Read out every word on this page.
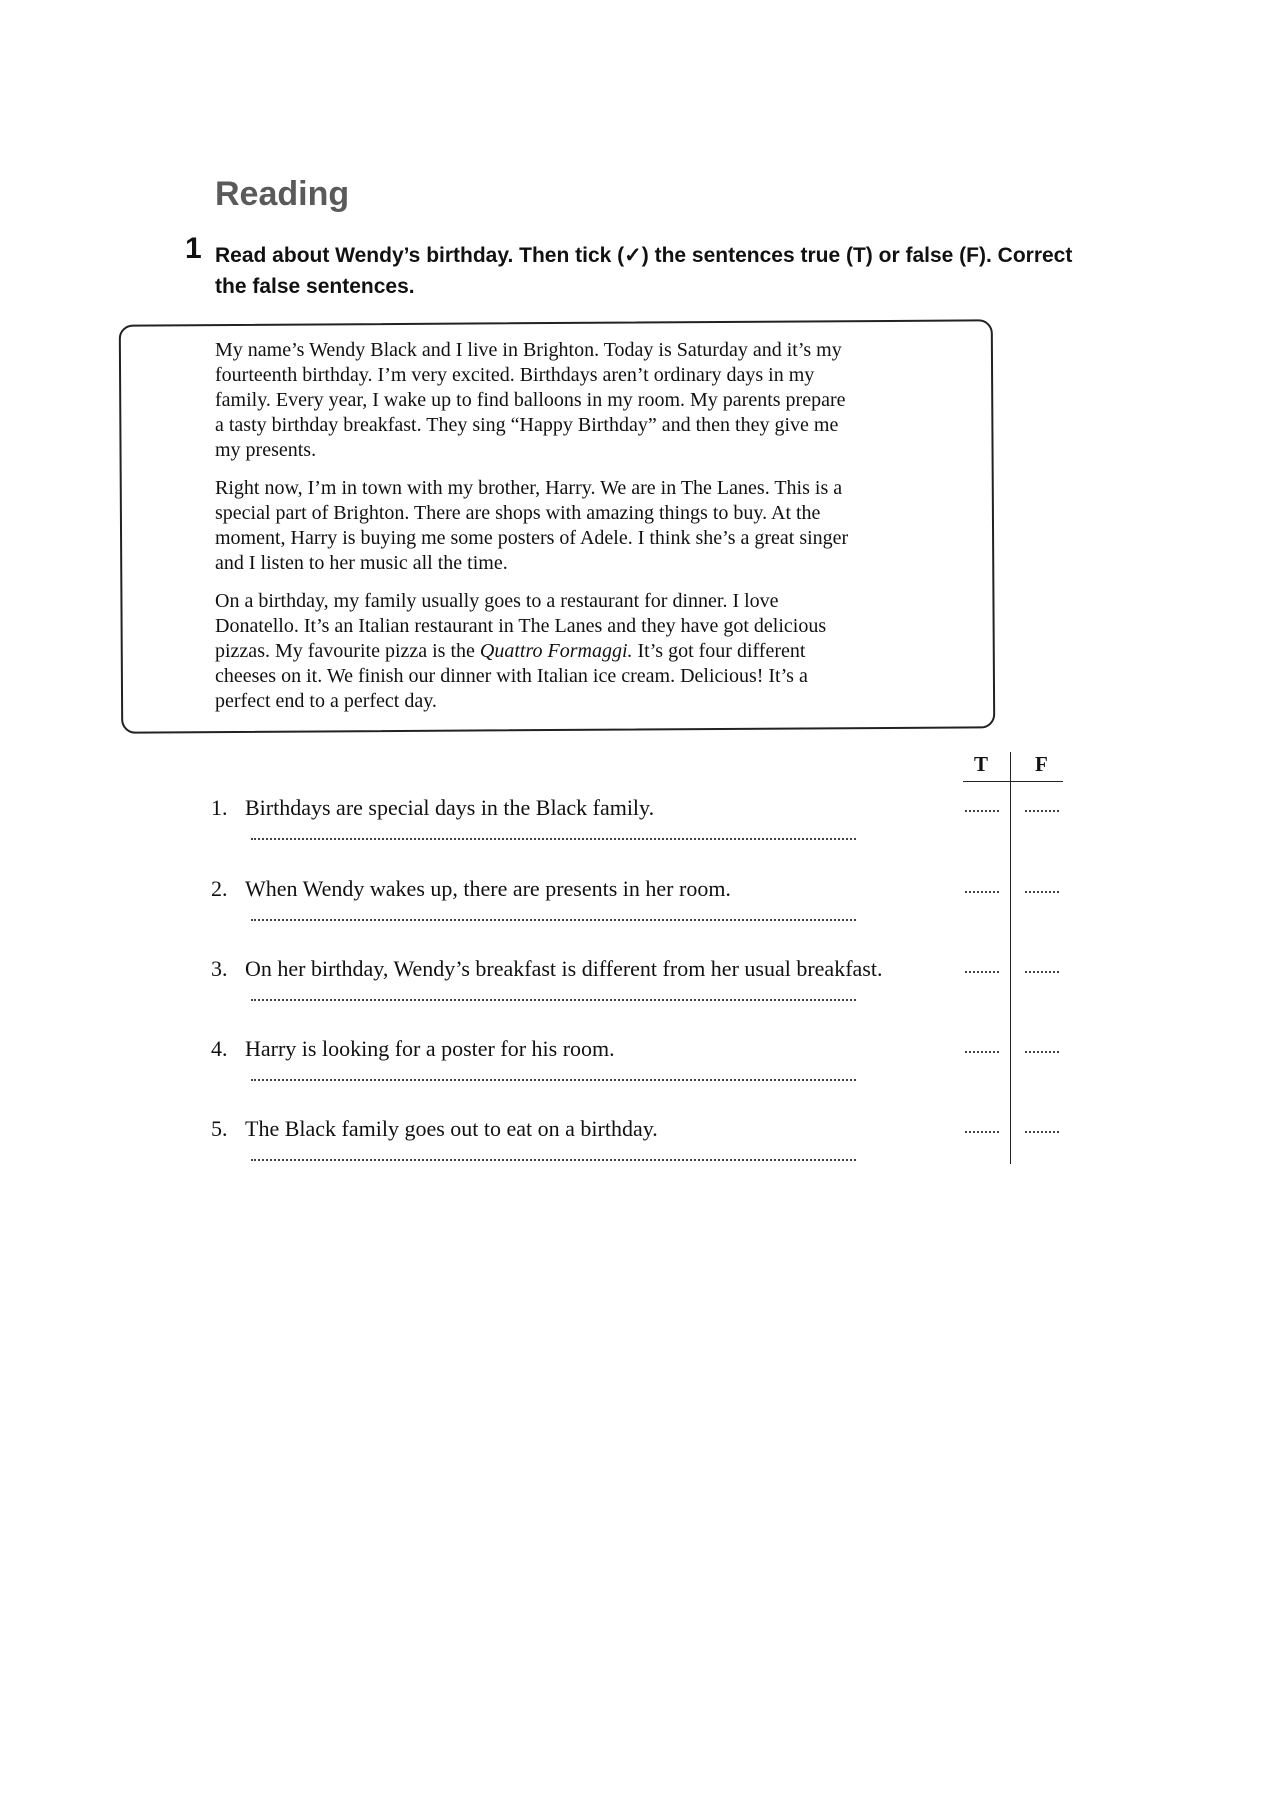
Reading
1 Read about Wendy’s birthday. Then tick (✓) the sentences true (T) or false (F). Correct the false sentences.

My name’s Wendy Black and I live in Brighton. Today is Saturday and it’s my fourteenth birthday. I’m very excited. Birthdays aren’t ordinary days in my family. Every year, I wake up to find balloons in my room. My parents prepare a tasty birthday breakfast. They sing “Happy Birthday” and then they give me my presents.

Right now, I’m in town with my brother, Harry. We are in The Lanes. This is a special part of Brighton. There are shops with amazing things to buy. At the moment, Harry is buying me some posters of Adele. I think she’s a great singer and I listen to her music all the time.

On a birthday, my family usually goes to a restaurant for dinner. I love Donatello. It’s an Italian restaurant in The Lanes and they have got delicious pizzas. My favourite pizza is the Quattro Formaggi. It’s got four different cheeses on it. We finish our dinner with Italian ice cream. Delicious! It’s a perfect end to a perfect day.

T F
1. Birthdays are special days in the Black family.
2. When Wendy wakes up, there are presents in her room.
3. On her birthday, Wendy’s breakfast is different from her usual breakfast.
4. Harry is looking for a poster for his room.
5. The Black family goes out to eat on a birthday.
